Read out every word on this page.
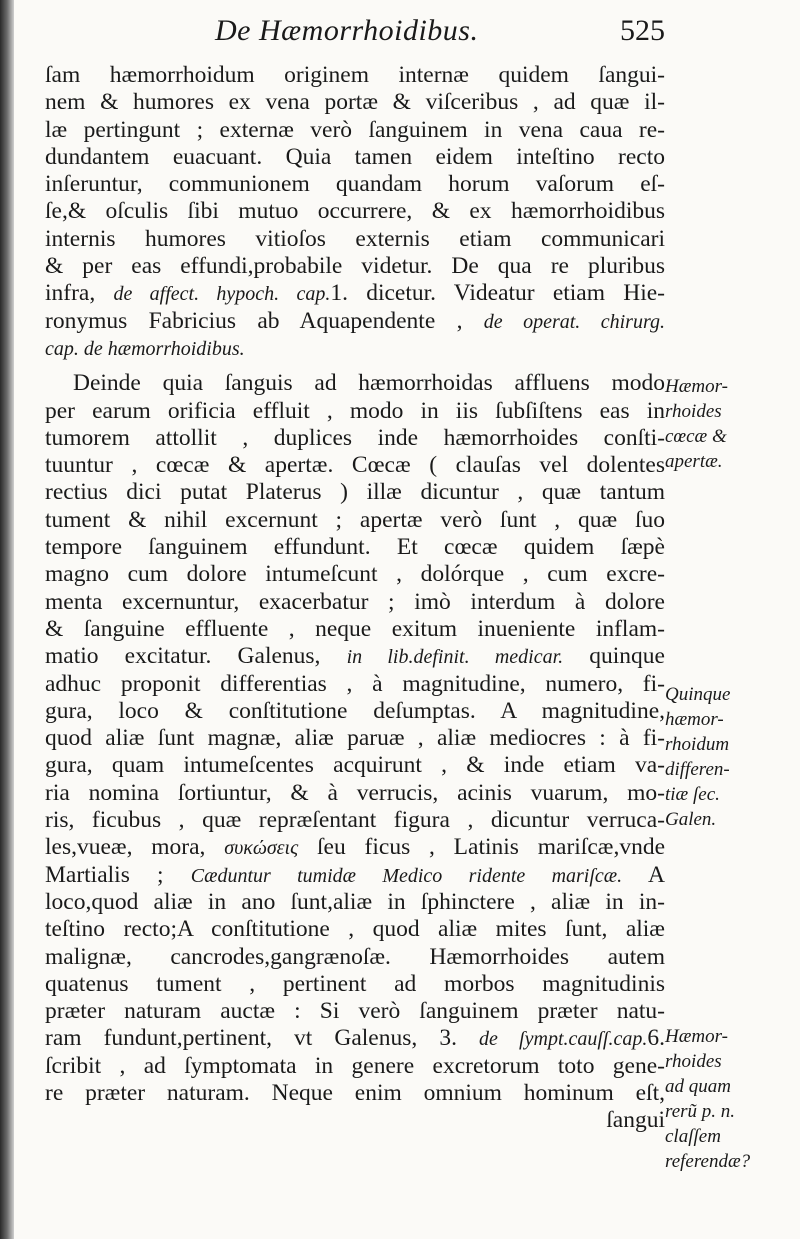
De Hæmorrhoidibus.	525
ſam hæmorrhoidum originem internæ quidem ſangui-
nem & humores ex vena portæ & viſceribus , ad quæ il-
læ pertingunt ; externæ verò ſanguinem in vena caua re-
dundantem euacuant. Quia tamen eidem inteſtino recto
inſeruntur, communionem quandam horum vaſorum eſ-
ſe,& oſculis ſibi mutuo occurrere, & ex hæmorrhoidibus
internis humores vitioſos externis etiam communicari
& per eas effundi,probabile videtur. De qua re pluribus
infra, de affect. hypoch. cap.1. dicetur. Videatur etiam Hie-
ronymus Fabricius ab Aquapendente , de operat. chirurg.
cap. de hæmorrhoidibus.
Deinde quia ſanguis ad hæmorrhoidas affluens modo
per earum orificia effluit , modo in iis ſubſiſtens eas in
tumorem attollit , duplices inde hæmorrhoides conſti-
tuuntur , cœcæ & apertæ. Cœcæ ( clauſas vel dolentes
rectius dici putat Platerus ) illæ dicuntur , quæ tantum
tument & nihil excernunt ; apertæ verò ſunt , quæ ſuo
tempore ſanguinem effundunt. Et cœcæ quidem ſæpè
magno cum dolore intumeſcunt , dolórque , cum excre-
menta excernuntur, exacerbatur ; imò interdum à dolore
& ſanguine effluente , neque exitum inueniente inflam-
matio excitatur. Galenus, in lib.definit. medicar. quinque
adhuc proponit differentias , à magnitudine, numero, fi-
gura, loco & conſtitutione deſumptas. A magnitudine,
quod aliæ ſunt magnæ, aliæ paruæ , aliæ mediocres : à fi-
gura, quam intumeſcentes acquirunt , & inde etiam va-
ria nomina ſortiuntur, & à verrucis, acinis vuarum, mo-
ris, ficubus , quæ repræſentant figura , dicuntur verruca-
les,vueæ, mora, συκώσεις ſeu ficus , Latinis mariſcæ,vnde
Martialis ; Cæduntur tumidæ Medico ridente mariſcæ. A
loco,quod aliæ in ano ſunt,aliæ in ſphinctere , aliæ in in-
teſtino recto;A conſtitutione , quod aliæ mites ſunt, aliæ
malignæ, cancrodes,gangrænoſæ. Hæmorrhoides autem
quatenus tument , pertinent ad morbos magnitudinis
præter naturam auctæ : Si verò ſanguinem præter natu-
ram fundunt,pertinent, vt Galenus, 3. de ſympt.cauſſ.cap.6.
ſcribit , ad ſymptomata in genere excretorum toto gene-
re præter naturam. Neque enim omnium hominum eſt,
ſangui
Hæmor-
rhoides
cœcæ &
apertæ.
Quinque
hæmor-
rhoidum
differen-
tiæ ſec.
Galen.
Hæmor-
rhoides
ad quam
rerũ p. n.
claſſem
referendæ?
